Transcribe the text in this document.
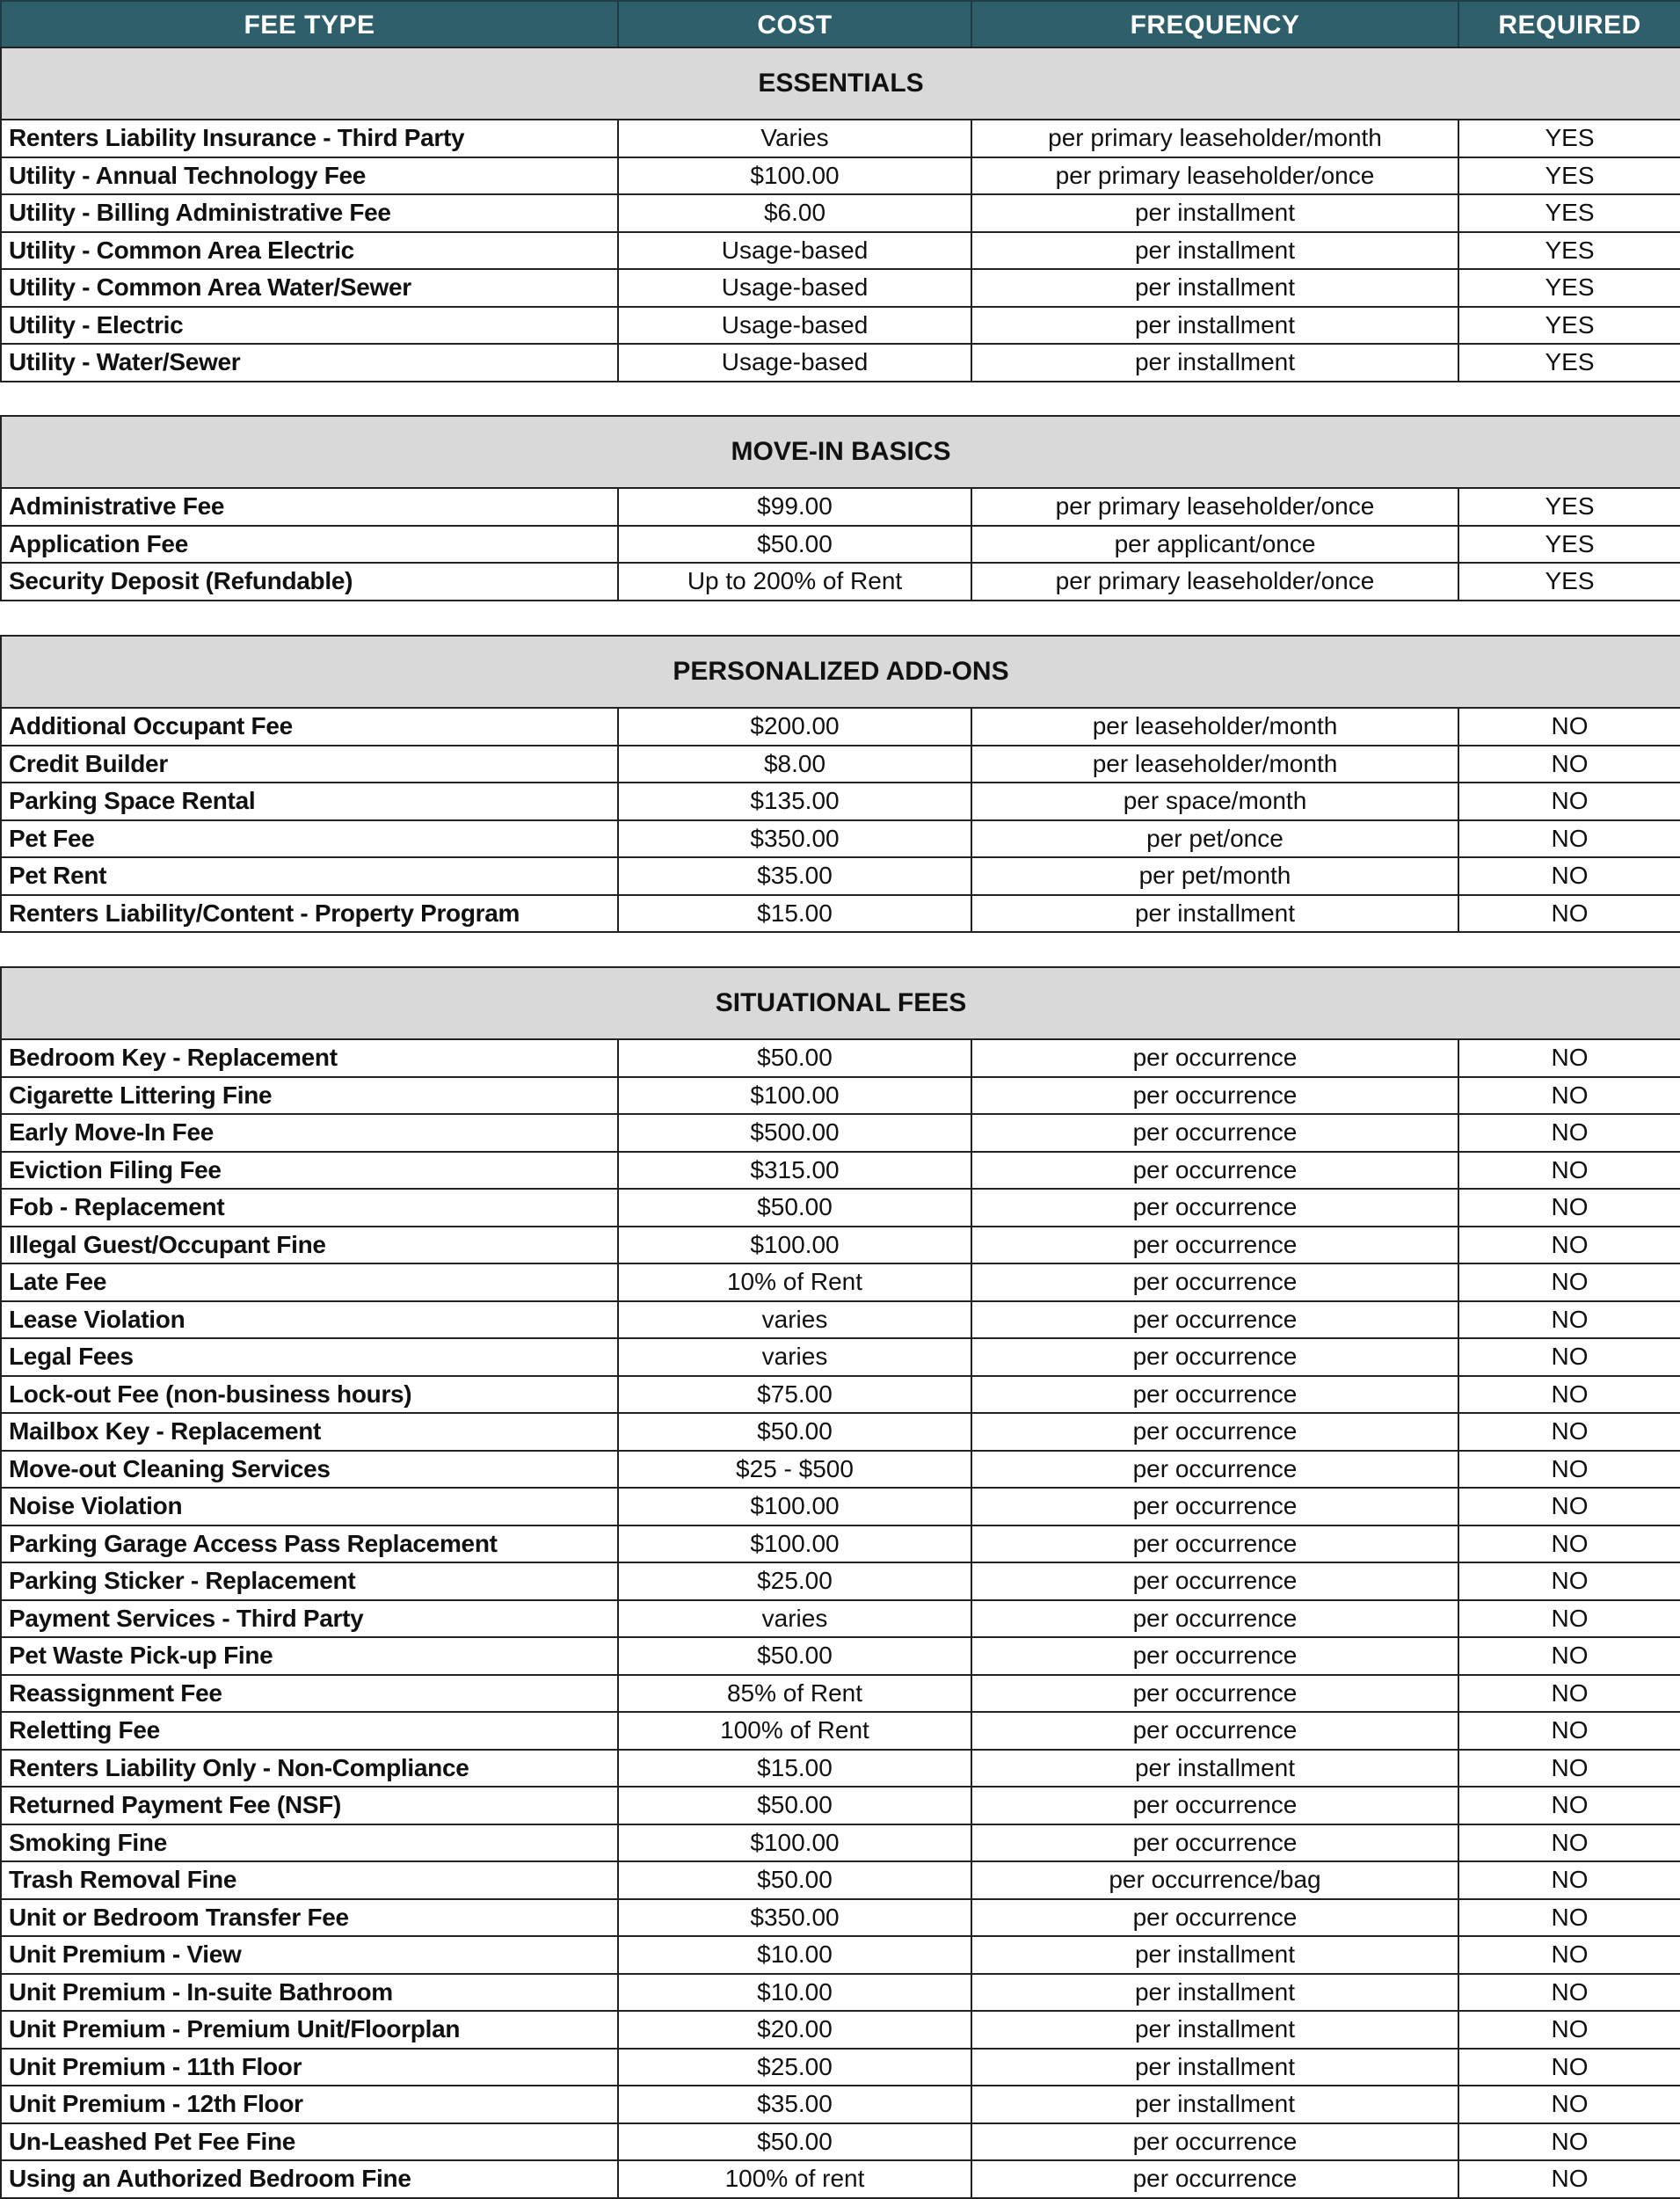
FEE TYPE	COST	FREQUENCY	REQUIRED
ESSENTIALS			
Renters Liability Insurance - Third Party	Varies	per primary leaseholder/month	YES
Utility - Annual Technology Fee	$100.00	per primary leaseholder/once	YES
Utility - Billing Administrative Fee	$6.00	per installment	YES
Utility - Common Area Electric	Usage-based	per installment	YES
Utility - Common Area Water/Sewer	Usage-based	per installment	YES
Utility - Electric	Usage-based	per installment	YES
Utility - Water/Sewer	Usage-based	per installment	YES
MOVE-IN BASICS			
Administrative Fee	$99.00	per primary leaseholder/once	YES
Application Fee	$50.00	per applicant/once	YES
Security Deposit (Refundable)	Up to 200% of Rent	per primary leaseholder/once	YES
PERSONALIZED ADD-ONS			
Additional Occupant Fee	$200.00	per leaseholder/month	NO
Credit Builder	$8.00	per leaseholder/month	NO
Parking Space Rental	$135.00	per space/month	NO
Pet Fee	$350.00	per pet/once	NO
Pet Rent	$35.00	per pet/month	NO
Renters Liability/Content - Property Program	$15.00	per installment	NO
SITUATIONAL FEES			
Bedroom Key - Replacement	$50.00	per occurrence	NO
Cigarette Littering Fine	$100.00	per occurrence	NO
Early Move-In Fee	$500.00	per occurrence	NO
Eviction Filing Fee	$315.00	per occurrence	NO
Fob - Replacement	$50.00	per occurrence	NO
Illegal Guest/Occupant Fine	$100.00	per occurrence	NO
Late Fee	10% of Rent	per occurrence	NO
Lease Violation	varies	per occurrence	NO
Legal Fees	varies	per occurrence	NO
Lock-out Fee (non-business hours)	$75.00	per occurrence	NO
Mailbox Key - Replacement	$50.00	per occurrence	NO
Move-out Cleaning Services	$25 - $500	per occurrence	NO
Noise Violation	$100.00	per occurrence	NO
Parking Garage Access Pass Replacement	$100.00	per occurrence	NO
Parking Sticker - Replacement	$25.00	per occurrence	NO
Payment Services - Third Party	varies	per occurrence	NO
Pet Waste Pick-up Fine	$50.00	per occurrence	NO
Reassignment Fee	85% of Rent	per occurrence	NO
Reletting Fee	100% of Rent	per occurrence	NO
Renters Liability Only - Non-Compliance	$15.00	per installment	NO
Returned Payment Fee (NSF)	$50.00	per occurrence	NO
Smoking Fine	$100.00	per occurrence	NO
Trash Removal Fine	$50.00	per occurrence/bag	NO
Unit or Bedroom Transfer Fee	$350.00	per occurrence	NO
Unit Premium - View	$10.00	per installment	NO
Unit Premium - In-suite Bathroom	$10.00	per installment	NO
Unit Premium - Premium Unit/Floorplan	$20.00	per installment	NO
Unit Premium - 11th Floor	$25.00	per installment	NO
Unit Premium - 12th Floor	$35.00	per installment	NO
Un-Leashed Pet Fee Fine	$50.00	per occurrence	NO
Using an Authorized Bedroom Fine	100% of rent	per occurrence	NO
